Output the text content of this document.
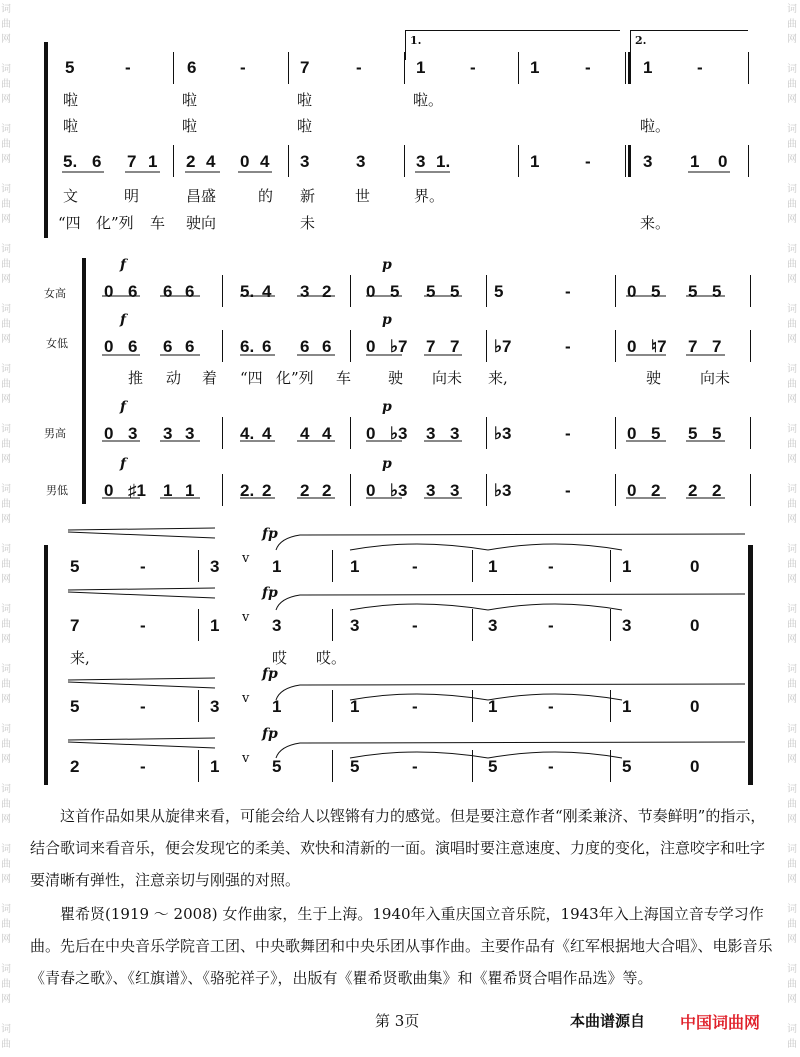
词
曲
网
词
曲
网
词
曲
网
词
曲
网
词
曲
网
词
曲
网
词
曲
网
词
曲
网
词
曲
网
词
曲
网
词
曲
网
词
曲
网
词
曲
网
词
曲
网
词
曲
网
词
曲
网
词
曲
网
词
曲
词
曲
网
词
曲
网
词
曲
网
词
曲
网
词
曲
网
词
曲
网
词
曲
网
词
曲
网
词
曲
网
词
曲
网
词
曲
网
词
曲
网
词
曲
网
词
曲
网
词
曲
网
词
曲
网
词
曲
网
词
曲
1.	2.
5	-	6	-	7	-	1	-	1	-	1	-
啦	啦	啦	啦。
啦	啦	啦	啦。
5. 6 7 1 2 4 0 4 3	3	3 1.	1	-	3 1 0
文	明	昌盛	的 新	世	界。
“四 化”列 车 驶向	未	来。
女高
女低
男高
男低
0 6 6 6	5. 4 3 2 0 5 5 5 5	-	0 5 5 5
f	p
0 6 6 6	6. 6 6 6 0 ♭7 7 7 ♭7	-	0 ♮7 7 7
f	p
0 3 3 3	4. 4 4 4 0 ♭3 3 3 ♭3	-	0 5 5 5
f	p
0 ♯1 1 1	2. 2 2 2 0 ♭3 3 3 ♭3	-	0 2 2 2
f	p
推 动 着 “四 化”列 车 驶 向未 来,	驶	向未
5	-	3	1	1	-	1	-	1	0
fp
v
7	-	1	3	3	-	3	-	3	0
fp
v
5	-	3	1	1	-	1	-	1	0
fp
v
2	-	1	5	5	-	5	-	5	0
fp
v
来,	哎 哎。
这首作品如果从旋律来看，可能会给人以铿锵有力的感觉。但是要注意作者“刚柔兼济、节奏鲜明”的指示，结合歌词来看音乐，便会发现它的柔美、欢快和清新的一面。演唱时要注意速度、力度的变化，注意咬字和吐字要清晰有弹性，注意亲切与刚强的对照。
瞿希贤(1919 ～ 2008) 女作曲家，生于上海。1940年入重庆国立音乐院，1943年入上海国立音专学习作曲。先后在中央音乐学院音工团、中央歌舞团和中央乐团从事作曲。主要作品有《红军根据地大合唱》、电影音乐《青春之歌》、《红旗谱》、《骆驼祥子》，出版有《瞿希贤歌曲集》和《瞿希贤合唱作品选》等。
第 3页	本曲谱源自 中国词曲网
